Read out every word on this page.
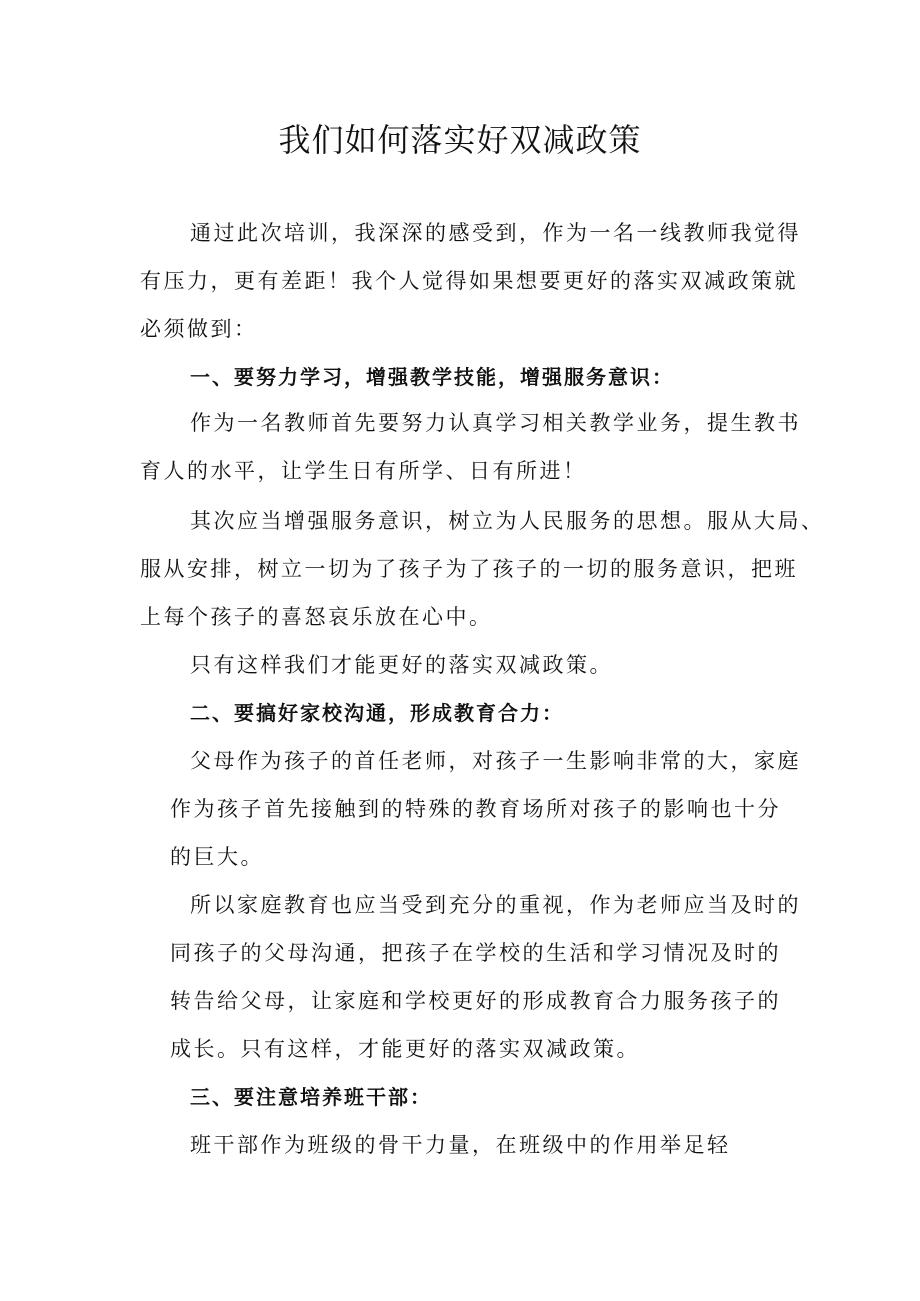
我们如何落实好双减政策
通过此次培训，我深深的感受到，作为一名一线教师我觉得
有压力，更有差距！我个人觉得如果想要更好的落实双减政策就
必须做到：
一、要努力学习，增强教学技能，增强服务意识：
作为一名教师首先要努力认真学习相关教学业务，提生教书
育人的水平，让学生日有所学、日有所进！
其次应当增强服务意识，树立为人民服务的思想。服从大局、
服从安排，树立一切为了孩子为了孩子的一切的服务意识，把班
上每个孩子的喜怒哀乐放在心中。
只有这样我们才能更好的落实双减政策。
二、要搞好家校沟通，形成教育合力：
父母作为孩子的首任老师，对孩子一生影响非常的大，家庭
作为孩子首先接触到的特殊的教育场所对孩子的影响也十分
的巨大。
所以家庭教育也应当受到充分的重视，作为老师应当及时的
同孩子的父母沟通，把孩子在学校的生活和学习情况及时的
转告给父母，让家庭和学校更好的形成教育合力服务孩子的
成长。只有这样，才能更好的落实双减政策。
三、要注意培养班干部：
班干部作为班级的骨干力量，在班级中的作用举足轻
